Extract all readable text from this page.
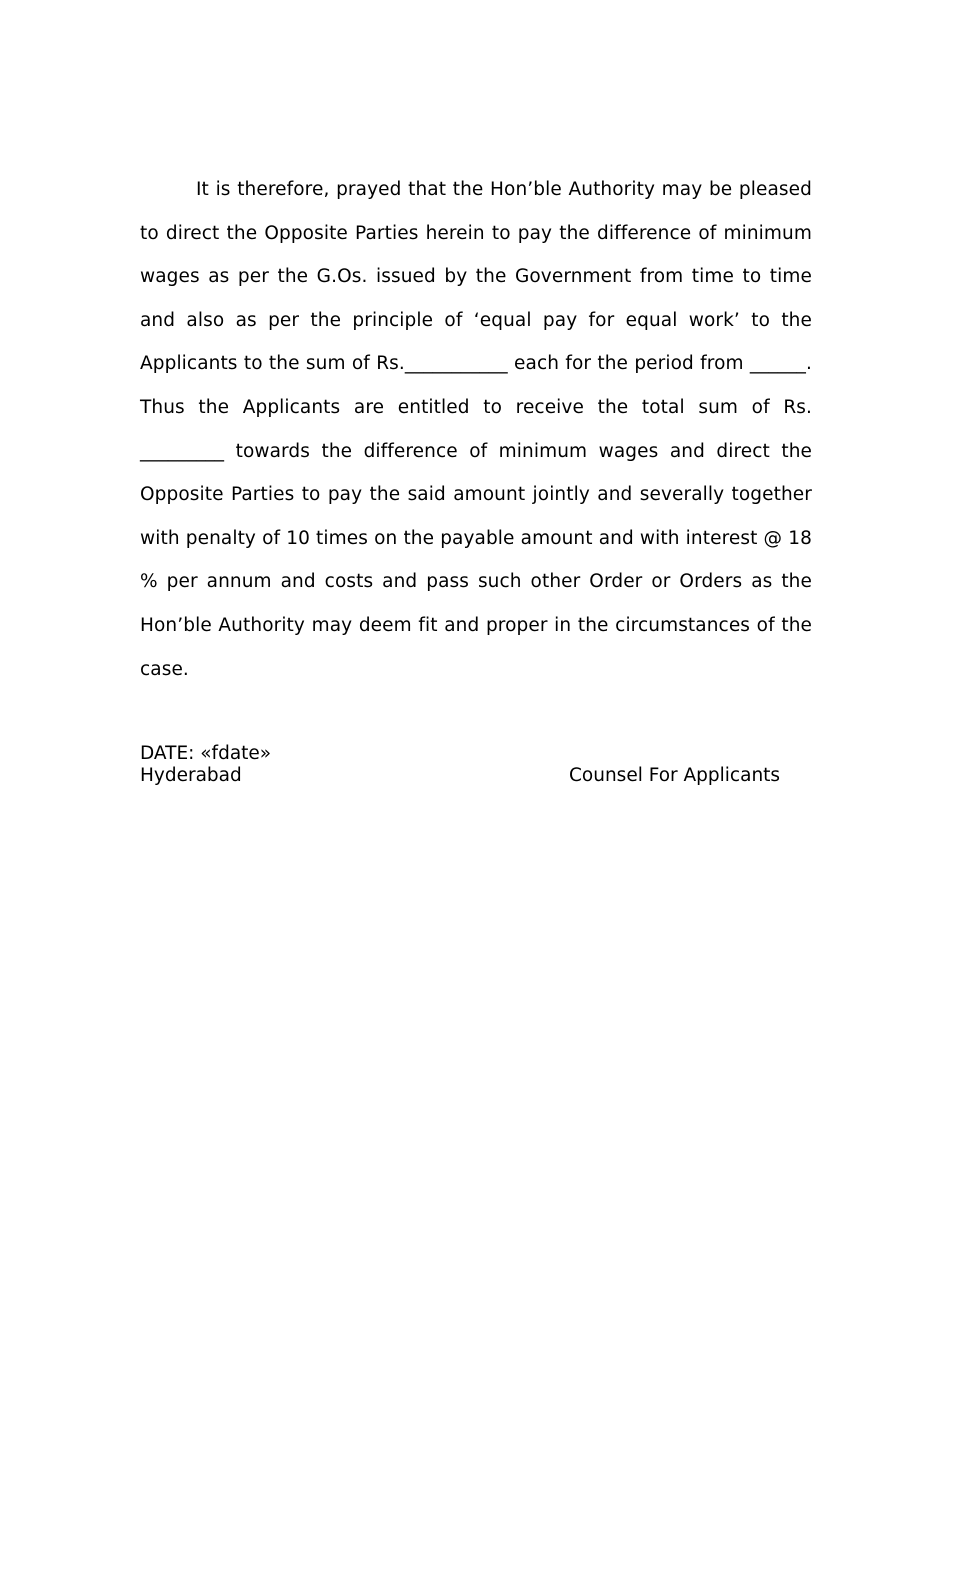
It is therefore, prayed that the Hon’ble Authority may be pleased to direct the Opposite Parties herein to pay the difference of minimum wages as per the G.Os. issued by the Government from time to time and also as per the principle of ‘equal pay for equal work’ to the Applicants to the sum of Rs.___________ each for the period from ______. Thus the Applicants are entitled to receive the total sum of Rs. _________ towards the difference of minimum wages and direct the Opposite Parties to pay the said amount jointly and severally together with penalty of 10 times on the payable amount and with interest @ 18 % per annum and costs and pass such other Order or Orders as the Hon’ble Authority may deem fit and proper in the circumstances of the case.

DATE: «fdate»
Hyderabad	Counsel For Applicants
